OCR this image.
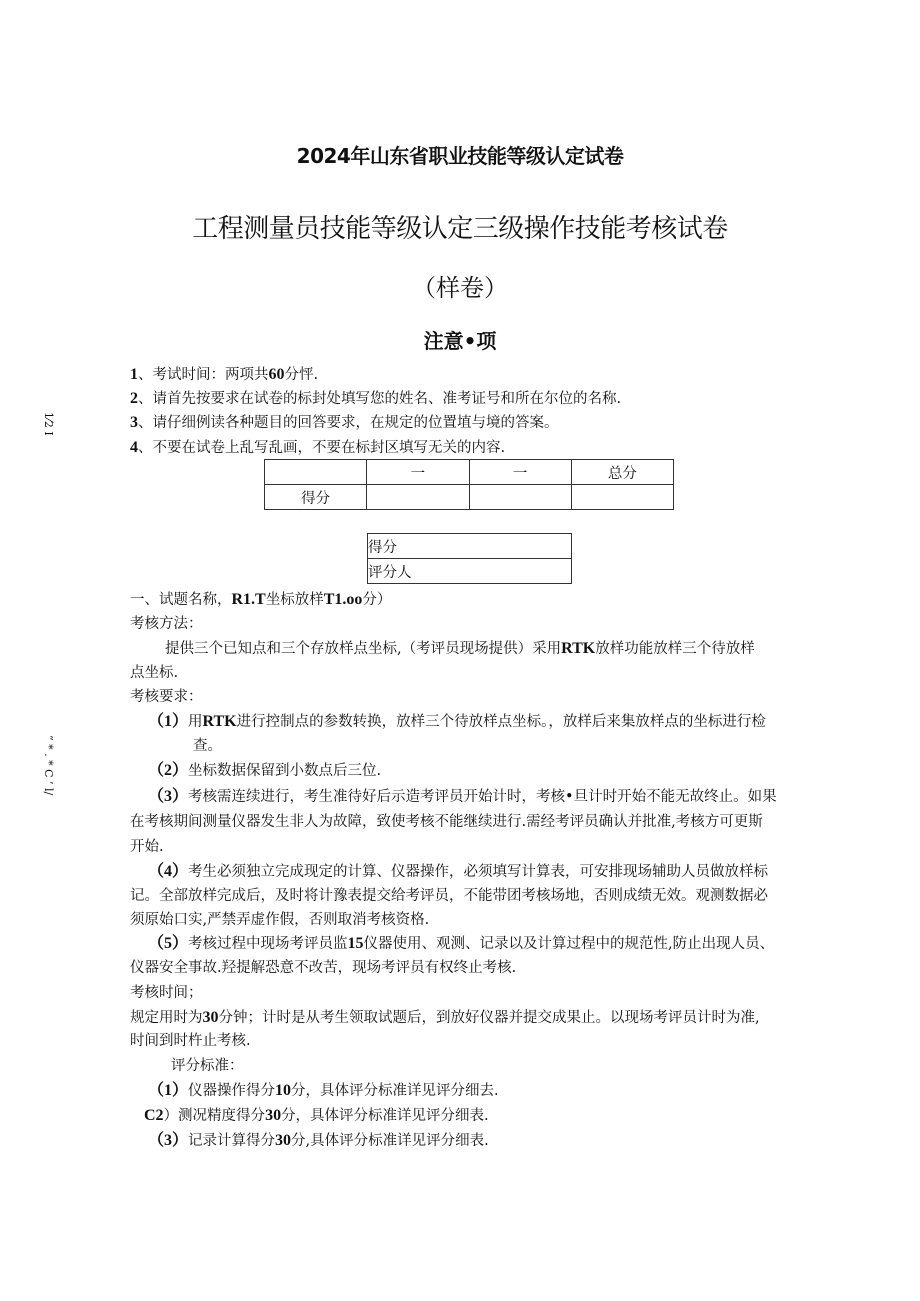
2024年山东省职业技能等级认定试卷
工程测量员技能等级认定三级操作技能考核试卷
（样卷）
注意•项
1⁄2 I
“ * . * C ’ l/
1、考试时间：两项共60分怦.
2、请首先按要求在试卷的标封处填写您的姓名、准考证号和所在尔位的名称.
3、请仔细例读各种题目的回答要求，在规定的位置埴与境的答案。
4、不要在试卷上乱写乱画，不要在标封区填写无关的内容.
	一	一	总分
得分			
得分
评分人
一、试题名称，R1.T坐标放样T1.oo分）
考核方法：
提供三个已知点和三个存放样点坐标,（考评员现场提供）采用RTK放样功能放样三个待放样
点坐标.
考核要求：
（1）用RTK进行控制点的参数转换，放样三个待放样点坐标。，放样后来集放样点的坐标进行检
查。
（2）坐标数据保留到小数点后三位.
（3）考核需连续进行，考生准待好后示造考评员开始计时，考核•旦计时开始不能无故终止。如果
在考核期间测量仪器发生非人为故障，致使考核不能继续进行.需经考评员确认并批准,考核方可更斯
开始.
（4）考生必须独立完成现定的计算、仪器操作，必须填写计算表，可安排现场辅助人员做放样标
记。全部放样完成后，及时将计豫表提交给考评员，不能带团考核场地，否则成绩无效。观测数据必
须原始口实,严禁弄虚作假，否则取消考核资格.
（5）考核过程中现场考评员监15仪器使用、观测、记录以及计算过程中的规范性,防止出现人员、
仪器安全事故.羟提解恐意不改苦，现场考评员有权终止考核.
考核时间；
规定用时为30分钟；计时是从考生领取试题后，到放好仪器并提交成果止。以现场考评员计时为准,
时间到时杵止考核.
评分标准：
（1）仪器操作得分10分，具体评分标准详见评分细去.
C2）测况精度得分30分，具体评分标准详见评分细表.
（3）记录计算得分30分,具体评分标准详见评分细表.
